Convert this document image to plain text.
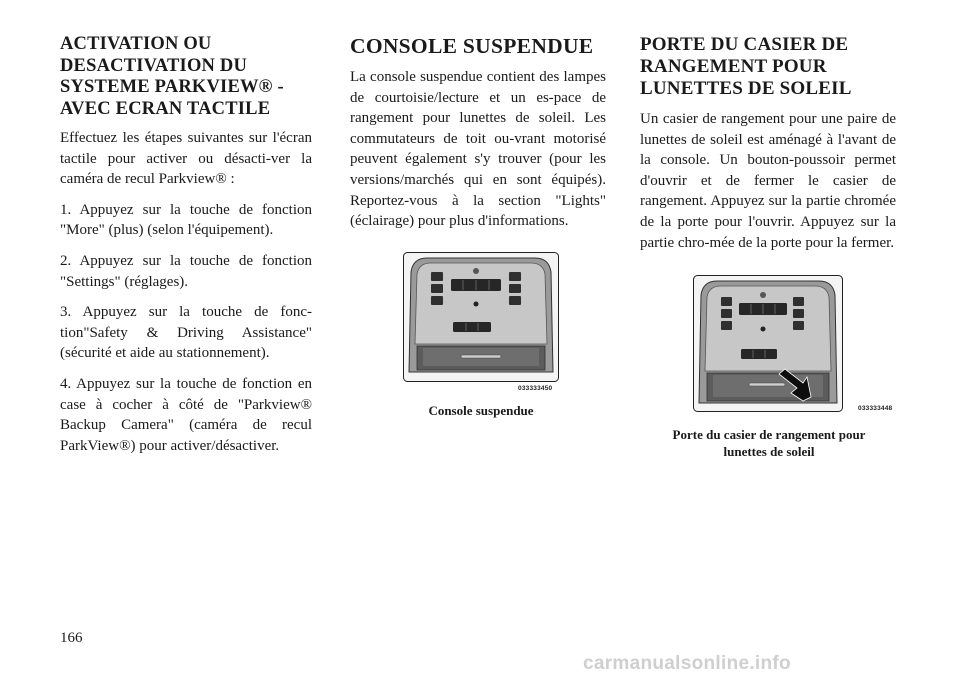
ACTIVATION OU
DESACTIVATION DU
SYSTEME PARKVIEW® -
AVEC ECRAN TACTILE

Effectuez les étapes suivantes sur l'écran tactile pour activer ou désacti-ver la caméra de recul Parkview® :

1. Appuyez sur la touche de fonction "More" (plus) (selon l'équipement).

2. Appuyez sur la touche de fonction "Settings" (réglages).

3. Appuyez sur la touche de fonc-tion"Safety & Driving Assistance" (sécurité et aide au stationnement).

4. Appuyez sur la touche de fonction en case à cocher à côté de "Parkview® Backup Camera" (caméra de recul ParkView®) pour activer/désactiver.

CONSOLE SUSPENDUE

La console suspendue contient des lampes de courtoisie/lecture et un es-pace de rangement pour lunettes de soleil. Les commutateurs de toit ou-vrant motorisé peuvent également s'y trouver (pour les versions/marchés qui en sont équipés). Reportez-vous à la section "Lights" (éclairage) pour plus d'informations.

033333450
Console suspendue
PORTE DU CASIER DE
RANGEMENT POUR
LUNETTES DE SOLEIL

Un casier de rangement pour une paire de lunettes de soleil est aménagé à l'avant de la console. Un bouton-poussoir permet d'ouvrir et de fermer le casier de rangement. Appuyez sur la partie chromée de la porte pour l'ouvrir. Appuyez sur la partie chro-mée de la porte pour la fermer.

033333448
Porte du casier de rangement pour
lunettes de soleil
166
carmanualsonline.info
